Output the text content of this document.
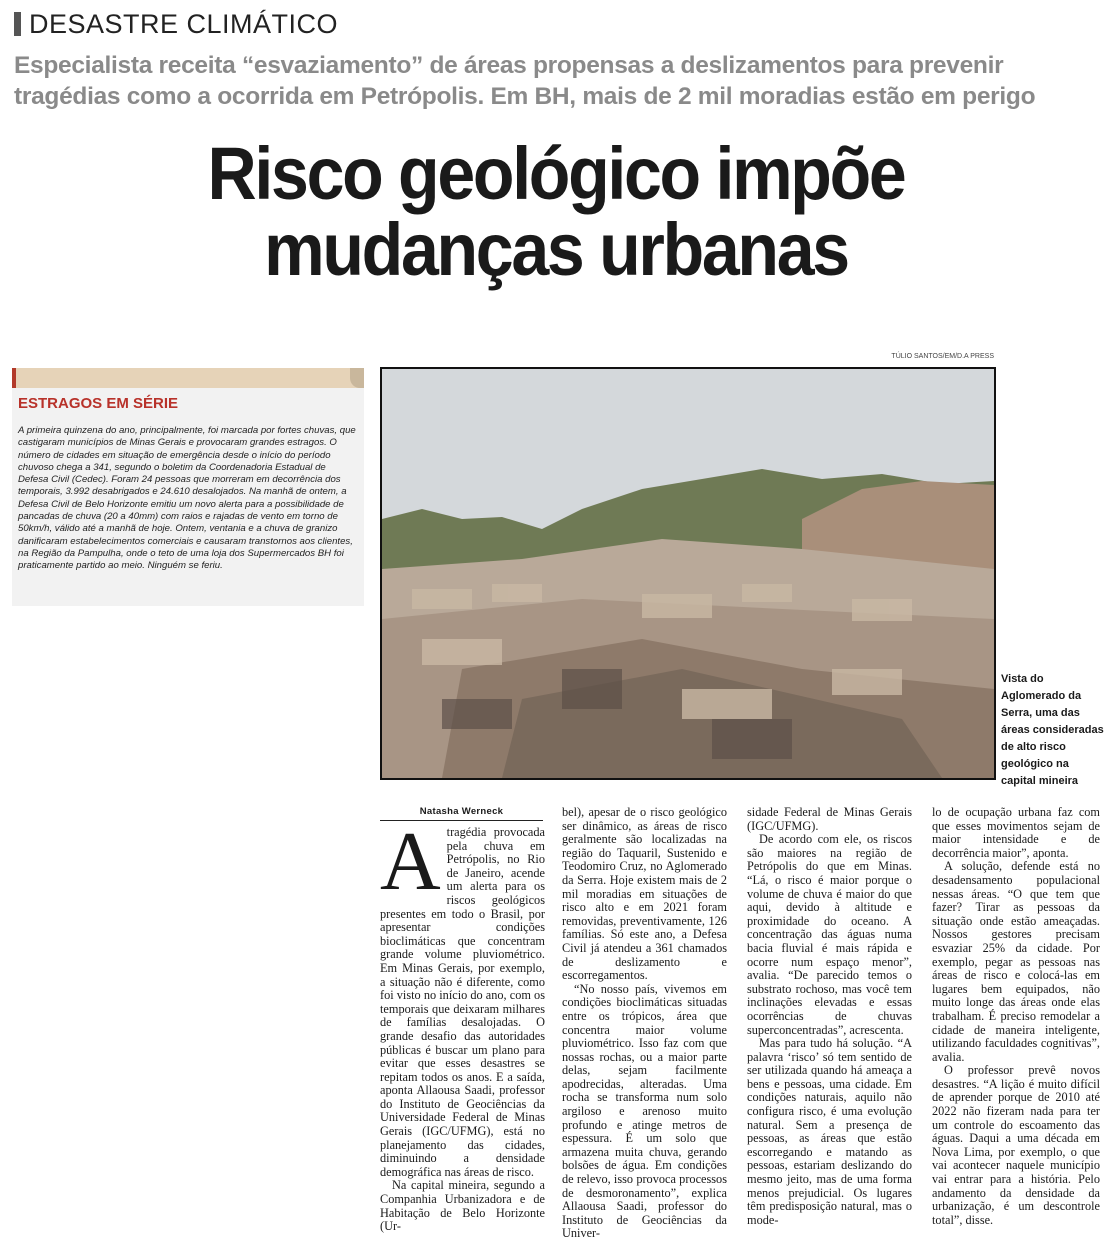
DESASTRE CLIMÁTICO
Especialista receita “esvaziamento” de áreas propensas a deslizamentos para prevenir tragédias como a ocorrida em Petrópolis. Em BH, mais de 2 mil moradias estão em perigo
Risco geológico impõe
mudanças urbanas
ESTRAGOS EM SÉRIE
A primeira quinzena do ano, principalmente, foi marcada por fortes chuvas, que castigaram municípios de Minas Gerais e provocaram grandes estragos. O número de cidades em situação de emergência desde o início do período chuvoso chega a 341, segundo o boletim da Coordenadoria Estadual de Defesa Civil (Cedec). Foram 24 pessoas que morreram em decorrência dos temporais, 3.992 desabrigados e 24.610 desalojados. Na manhã de ontem, a Defesa Civil de Belo Horizonte emitiu um novo alerta para a possibilidade de pancadas de chuva (20 a 40mm) com raios e rajadas de vento em torno de 50km/h, válido até a manhã de hoje. Ontem, ventania e a chuva de granizo danificaram estabelecimentos comerciais e causaram transtornos aos clientes, na Região da Pampulha, onde o teto de uma loja dos Supermercados BH foi praticamente partido ao meio. Ninguém se feriu.
TÚLIO SANTOS/EM/D.A PRESS
Vista do Aglomerado da Serra, uma das áreas consideradas de alto risco geológico na capital mineira
Natasha Werneck
A tragédia provocada pela chuva em Petrópolis, no Rio de Janeiro, acende um alerta para os riscos geológicos presentes em todo o Brasil, por apresentar condições bioclimáticas que concentram grande volume pluviométrico. Em Minas Gerais, por exemplo, a situação não é diferente, como foi visto no início do ano, com os temporais que deixaram milhares de famílias desalojadas. O grande desafio das autoridades públicas é buscar um plano para evitar que esses desastres se repitam todos os anos. E a saída, aponta Allaousa Saadi, professor do Instituto de Geociências da Universidade Federal de Minas Gerais (IGC/UFMG), está no planejamento das cidades, diminuindo a densidade demográfica nas áreas de risco.

Na capital mineira, segundo a Companhia Urbanizadora e de Habitação de Belo Horizonte (Ur-

bel), apesar de o risco geológico ser dinâmico, as áreas de risco geralmente são localizadas na região do Taquaril, Sustenido e Teodomiro Cruz, no Aglomerado da Serra. Hoje existem mais de 2 mil moradias em situações de risco alto e em 2021 foram removidas, preventivamente, 126 famílias. Só este ano, a Defesa Civil já atendeu a 361 chamados de deslizamento e escorregamentos.

“No nosso país, vivemos em condições bioclimáticas situadas entre os trópicos, área que concentra maior volume pluviométrico. Isso faz com que nossas rochas, ou a maior parte delas, sejam facilmente apodrecidas, alteradas. Uma rocha se transforma num solo argiloso e arenoso muito profundo e atinge metros de espessura. É um solo que armazena muita chuva, gerando bolsões de água. Em condições de relevo, isso provoca processos de desmoronamento”, explica Allaousa Saadi, professor do Instituto de Geociências da Univer-

sidade Federal de Minas Gerais (IGC/UFMG).

De acordo com ele, os riscos são maiores na região de Petrópolis do que em Minas. “Lá, o risco é maior porque o volume de chuva é maior do que aqui, devido à altitude e proximidade do oceano. A concentração das águas numa bacia fluvial é mais rápida e ocorre num espaço menor”, avalia. “De parecido temos o substrato rochoso, mas você tem inclinações elevadas e essas ocorrências de chuvas superconcentradas”, acrescenta.

Mas para tudo há solução. “A palavra ‘risco’ só tem sentido de ser utilizada quando há ameaça a bens e pessoas, uma cidade. Em condições naturais, aquilo não configura risco, é uma evolução natural. Sem a presença de pessoas, as áreas que estão escorregando e matando as pessoas, estariam deslizando do mesmo jeito, mas de uma forma menos prejudicial. Os lugares têm predisposição natural, mas o mode-

lo de ocupação urbana faz com que esses movimentos sejam de maior intensidade e de decorrência maior”, aponta.

A solução, defende está no desadensamento populacional nessas áreas. “O que tem que fazer? Tirar as pessoas da situação onde estão ameaçadas. Nossos gestores precisam esvaziar 25% da cidade. Por exemplo, pegar as pessoas nas áreas de risco e colocá-las em lugares bem equipados, não muito longe das áreas onde elas trabalham. É preciso remodelar a cidade de maneira inteligente, utilizando faculdades cognitivas”, avalia.

O professor prevê novos desastres. “A lição é muito difícil de aprender porque de 2010 até 2022 não fizeram nada para ter um controle do escoamento das águas. Daqui a uma década em Nova Lima, por exemplo, o que vai acontecer naquele município vai entrar para a história. Pelo andamento da densidade da urbanização, é um descontrole total”, disse.
